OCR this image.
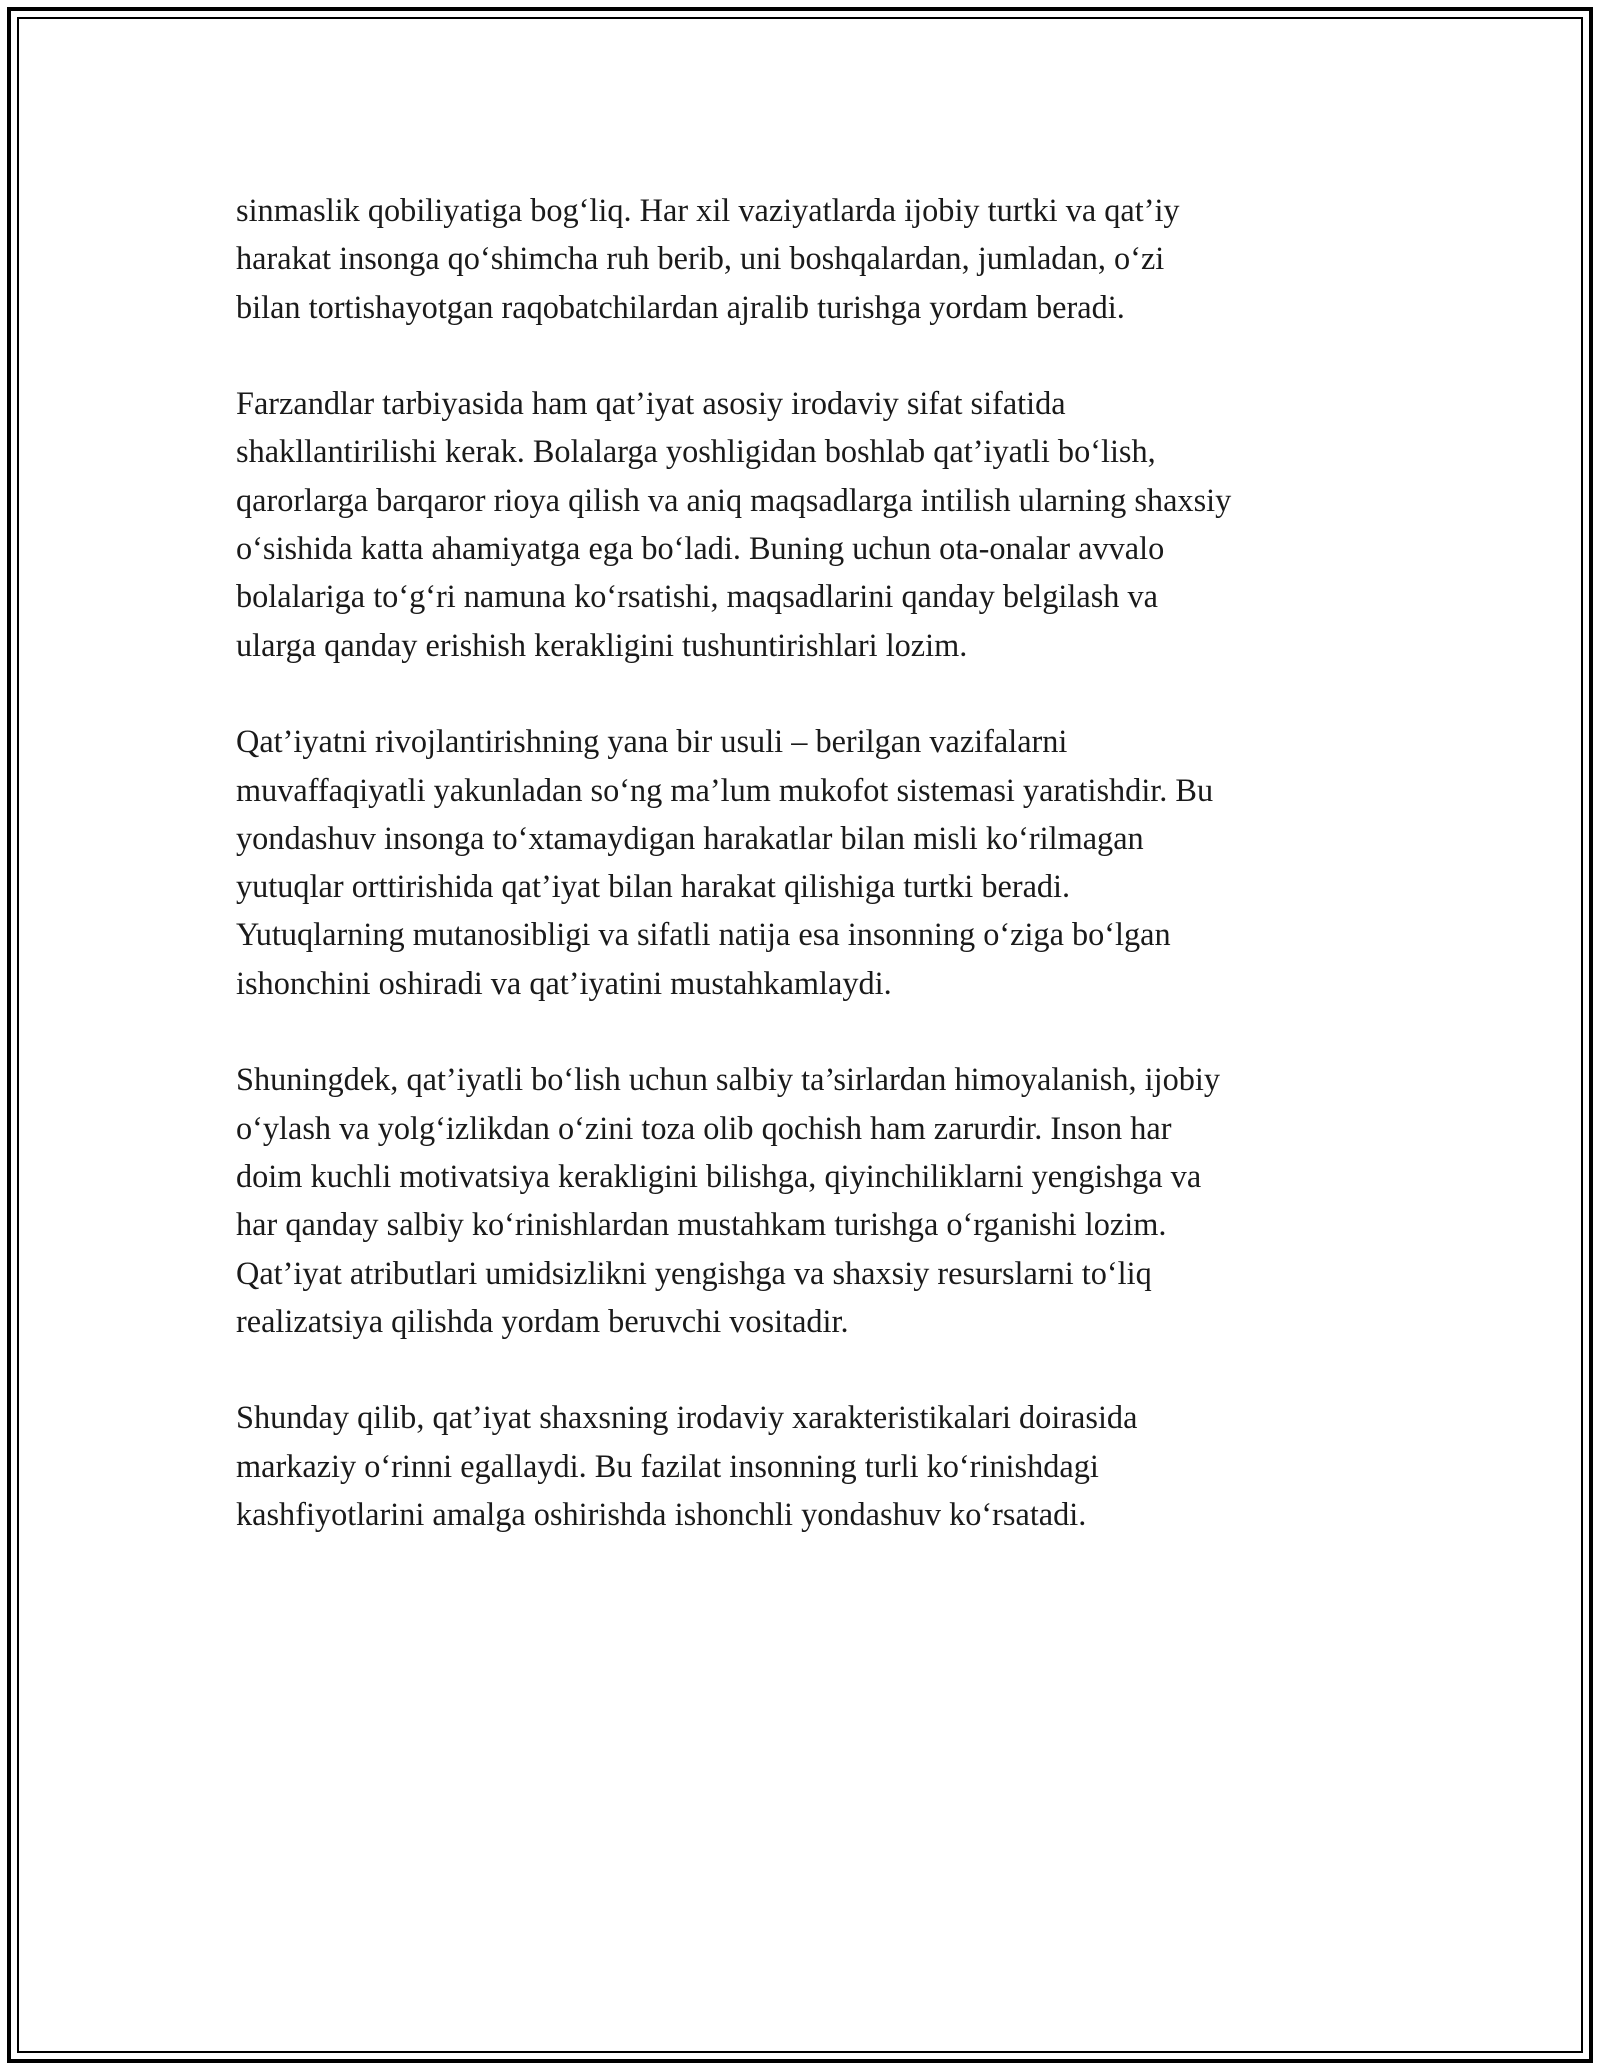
sinmaslik qobiliyatiga bog‘liq. Har xil vaziyatlarda ijobiy turtki va qat’iy
harakat insonga qo‘shimcha ruh berib, uni boshqalardan, jumladan, o‘zi
bilan tortishayotgan raqobatchilardan ajralib turishga yordam beradi.

Farzandlar tarbiyasida ham qat’iyat asosiy irodaviy sifat sifatida
shakllantirilishi kerak. Bolalarga yoshligidan boshlab qat’iyatli bo‘lish,
qarorlarga barqaror rioya qilish va aniq maqsadlarga intilish ularning shaxsiy
o‘sishida katta ahamiyatga ega bo‘ladi. Buning uchun ota-onalar avvalo
bolalariga to‘g‘ri namuna ko‘rsatishi, maqsadlarini qanday belgilash va
ularga qanday erishish kerakligini tushuntirishlari lozim.

Qat’iyatni rivojlantirishning yana bir usuli – berilgan vazifalarni
muvaffaqiyatli yakunladan so‘ng ma’lum mukofot sistemasi yaratishdir. Bu
yondashuv insonga to‘xtamaydigan harakatlar bilan misli ko‘rilmagan
yutuqlar orttirishida qat’iyat bilan harakat qilishiga turtki beradi.
Yutuqlarning mutanosibligi va sifatli natija esa insonning o‘ziga bo‘lgan
ishonchini oshiradi va qat’iyatini mustahkamlaydi.

Shuningdek, qat’iyatli bo‘lish uchun salbiy ta’sirlardan himoyalanish, ijobiy
o‘ylash va yolg‘izlikdan o‘zini toza olib qochish ham zarurdir. Inson har
doim kuchli motivatsiya kerakligini bilishga, qiyinchiliklarni yengishga va
har qanday salbiy ko‘rinishlardan mustahkam turishga o‘rganishi lozim.
Qat’iyat atributlari umidsizlikni yengishga va shaxsiy resurslarni to‘liq
realizatsiya qilishda yordam beruvchi vositadir.

Shunday qilib, qat’iyat shaxsning irodaviy xarakteristikalari doirasida
markaziy o‘rinni egallaydi. Bu fazilat insonning turli ko‘rinishdagi
kashfiyotlarini amalga oshirishda ishonchli yondashuv ko‘rsatadi.
